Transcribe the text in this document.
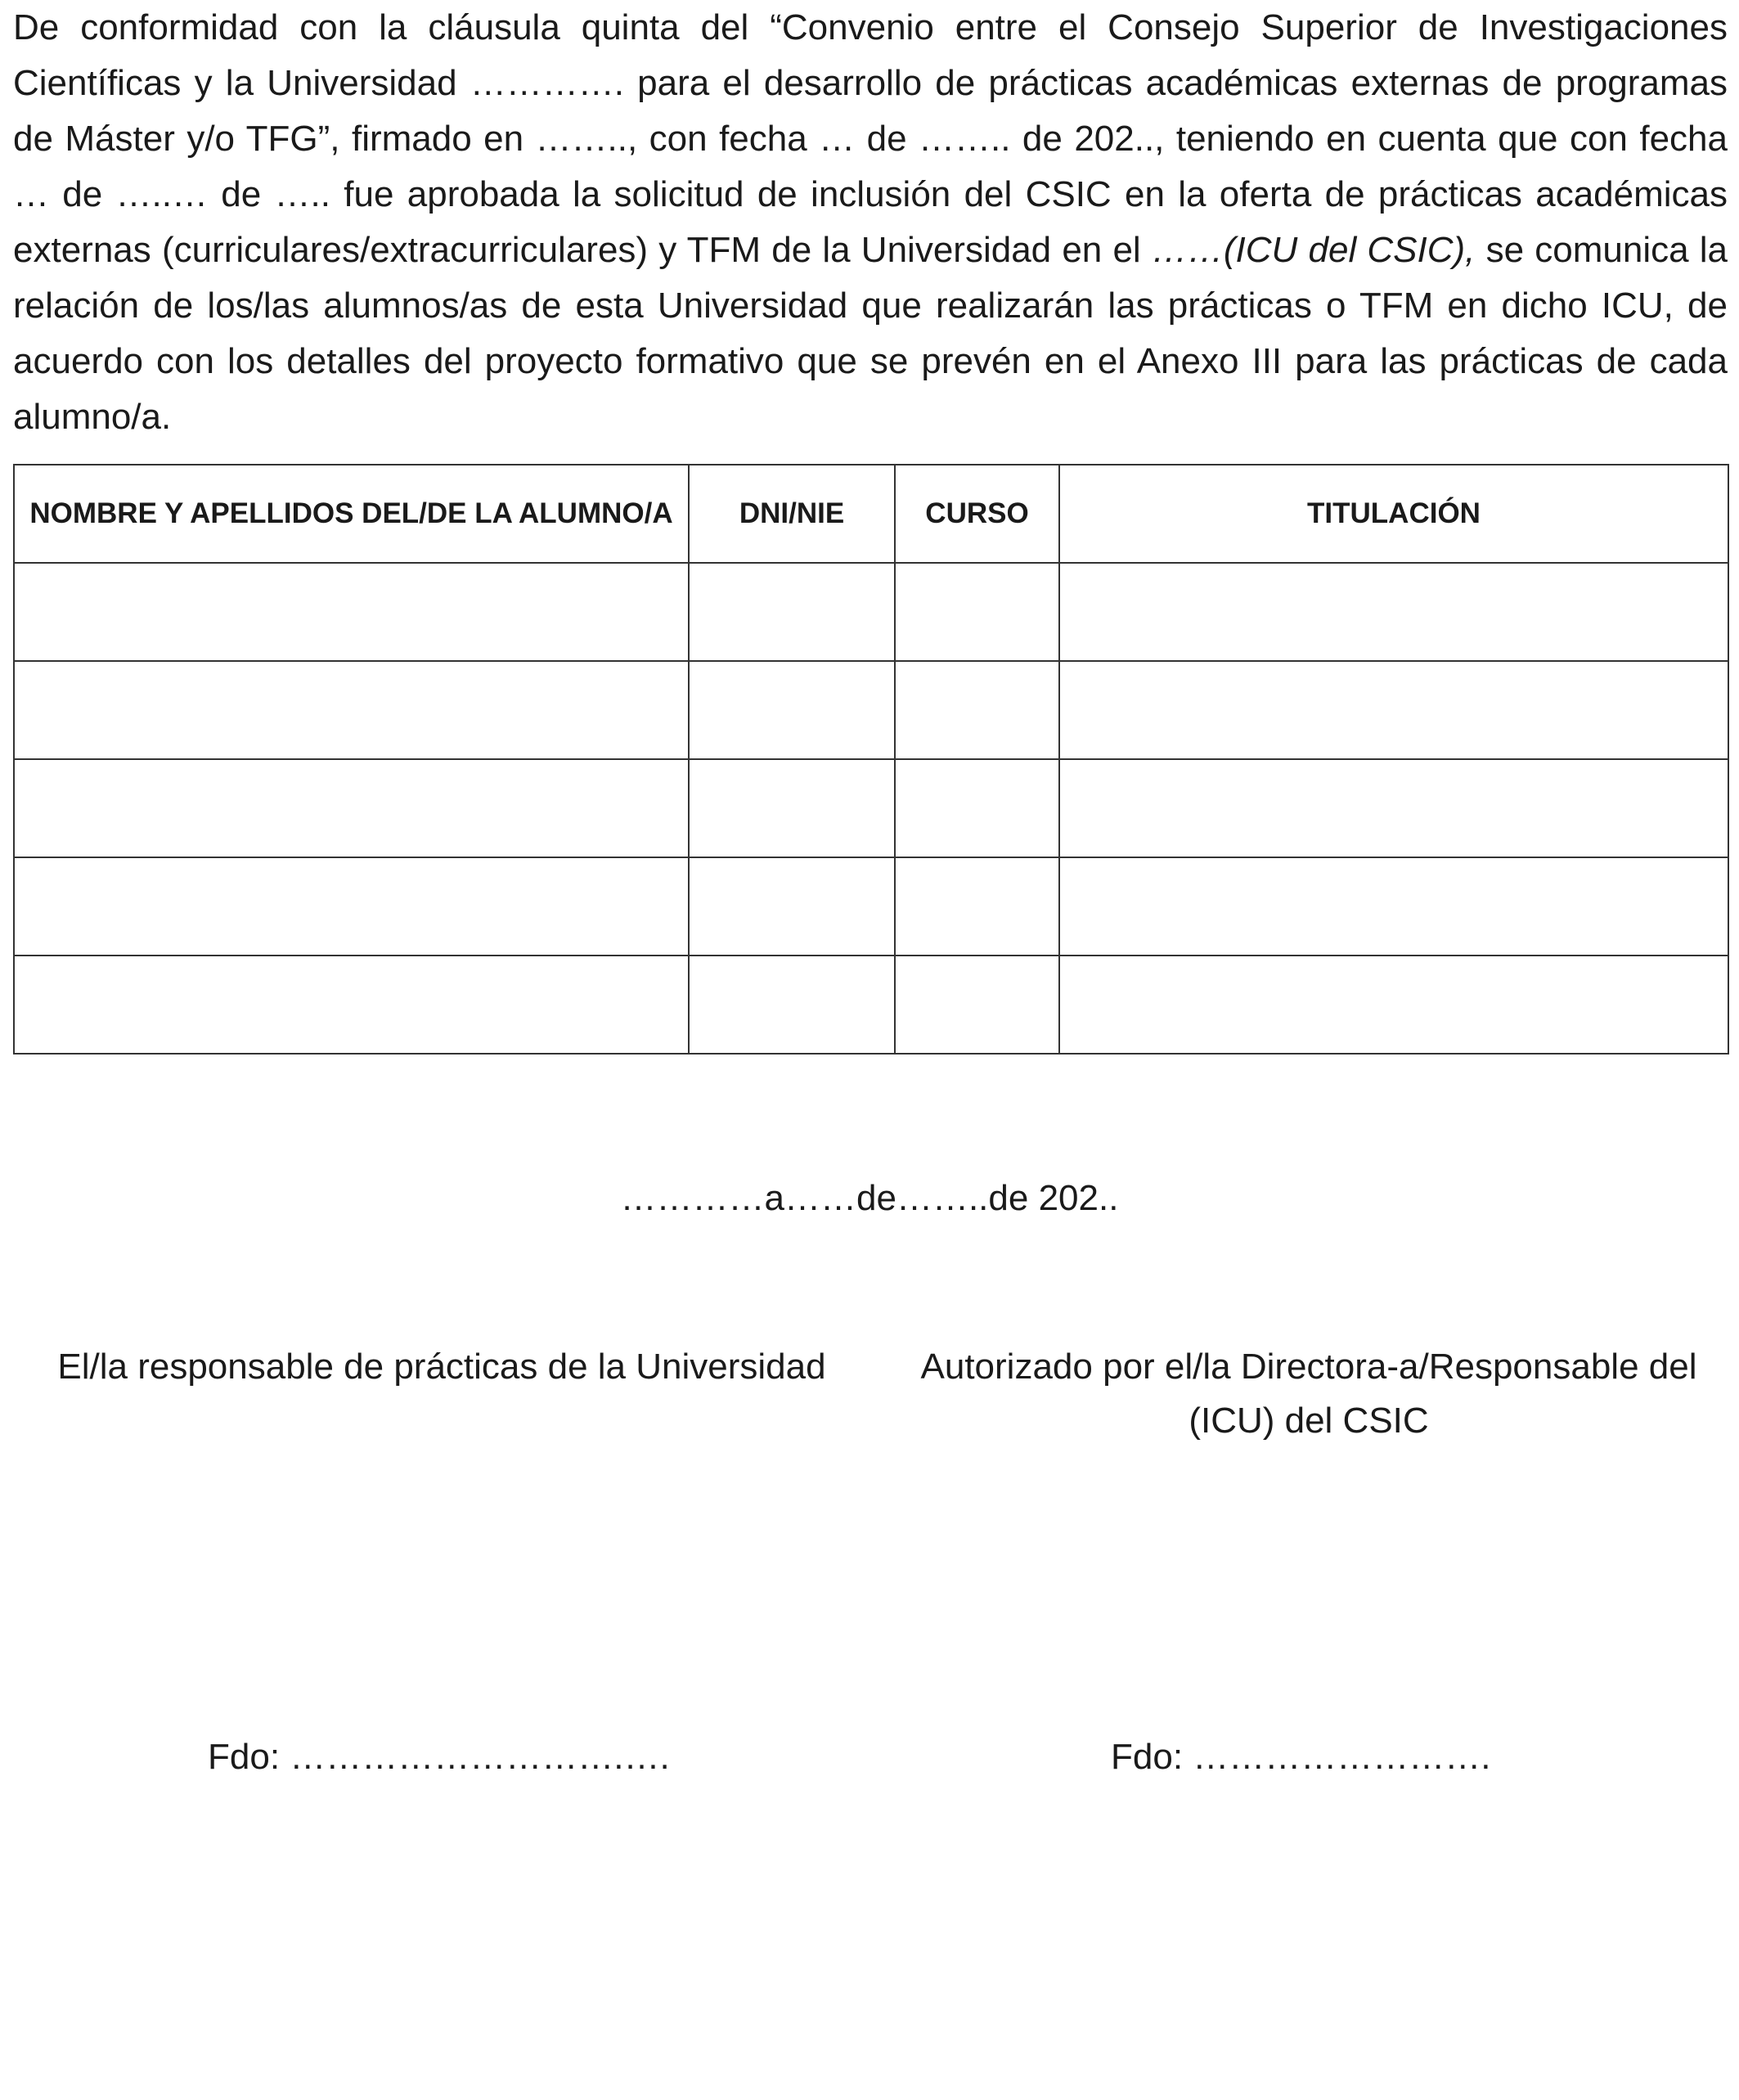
De conformidad con la cláusula quinta del “Convenio entre el Consejo Superior de Investigaciones Científicas y la Universidad …………. para el desarrollo de prácticas académicas externas de programas de Máster y/o TFG”, firmado en …….., con fecha … de …….. de 202.., teniendo en cuenta que con fecha … de …..… de ….. fue aprobada la solicitud de inclusión del CSIC en la oferta de prácticas académicas externas (curriculares/extracurriculares) y TFM de la Universidad en el ……(ICU del CSIC), se comunica la relación de los/las alumnos/as de esta Universidad que realizarán las prácticas o TFM en dicho ICU, de acuerdo con los detalles del proyecto formativo que se prevén en el Anexo III para las prácticas de cada alumno/a.

NOMBRE Y APELLIDOS DEL/DE LA ALUMNO/A	DNI/NIE	CURSO	TITULACIÓN

…………a……de……..de 202..
El/la responsable de prácticas de la Universidad	Autorizado por el/la Directora-a/Responsable del
(ICU) del CSIC
Fdo: ……………………….….	Fdo: …………………….
